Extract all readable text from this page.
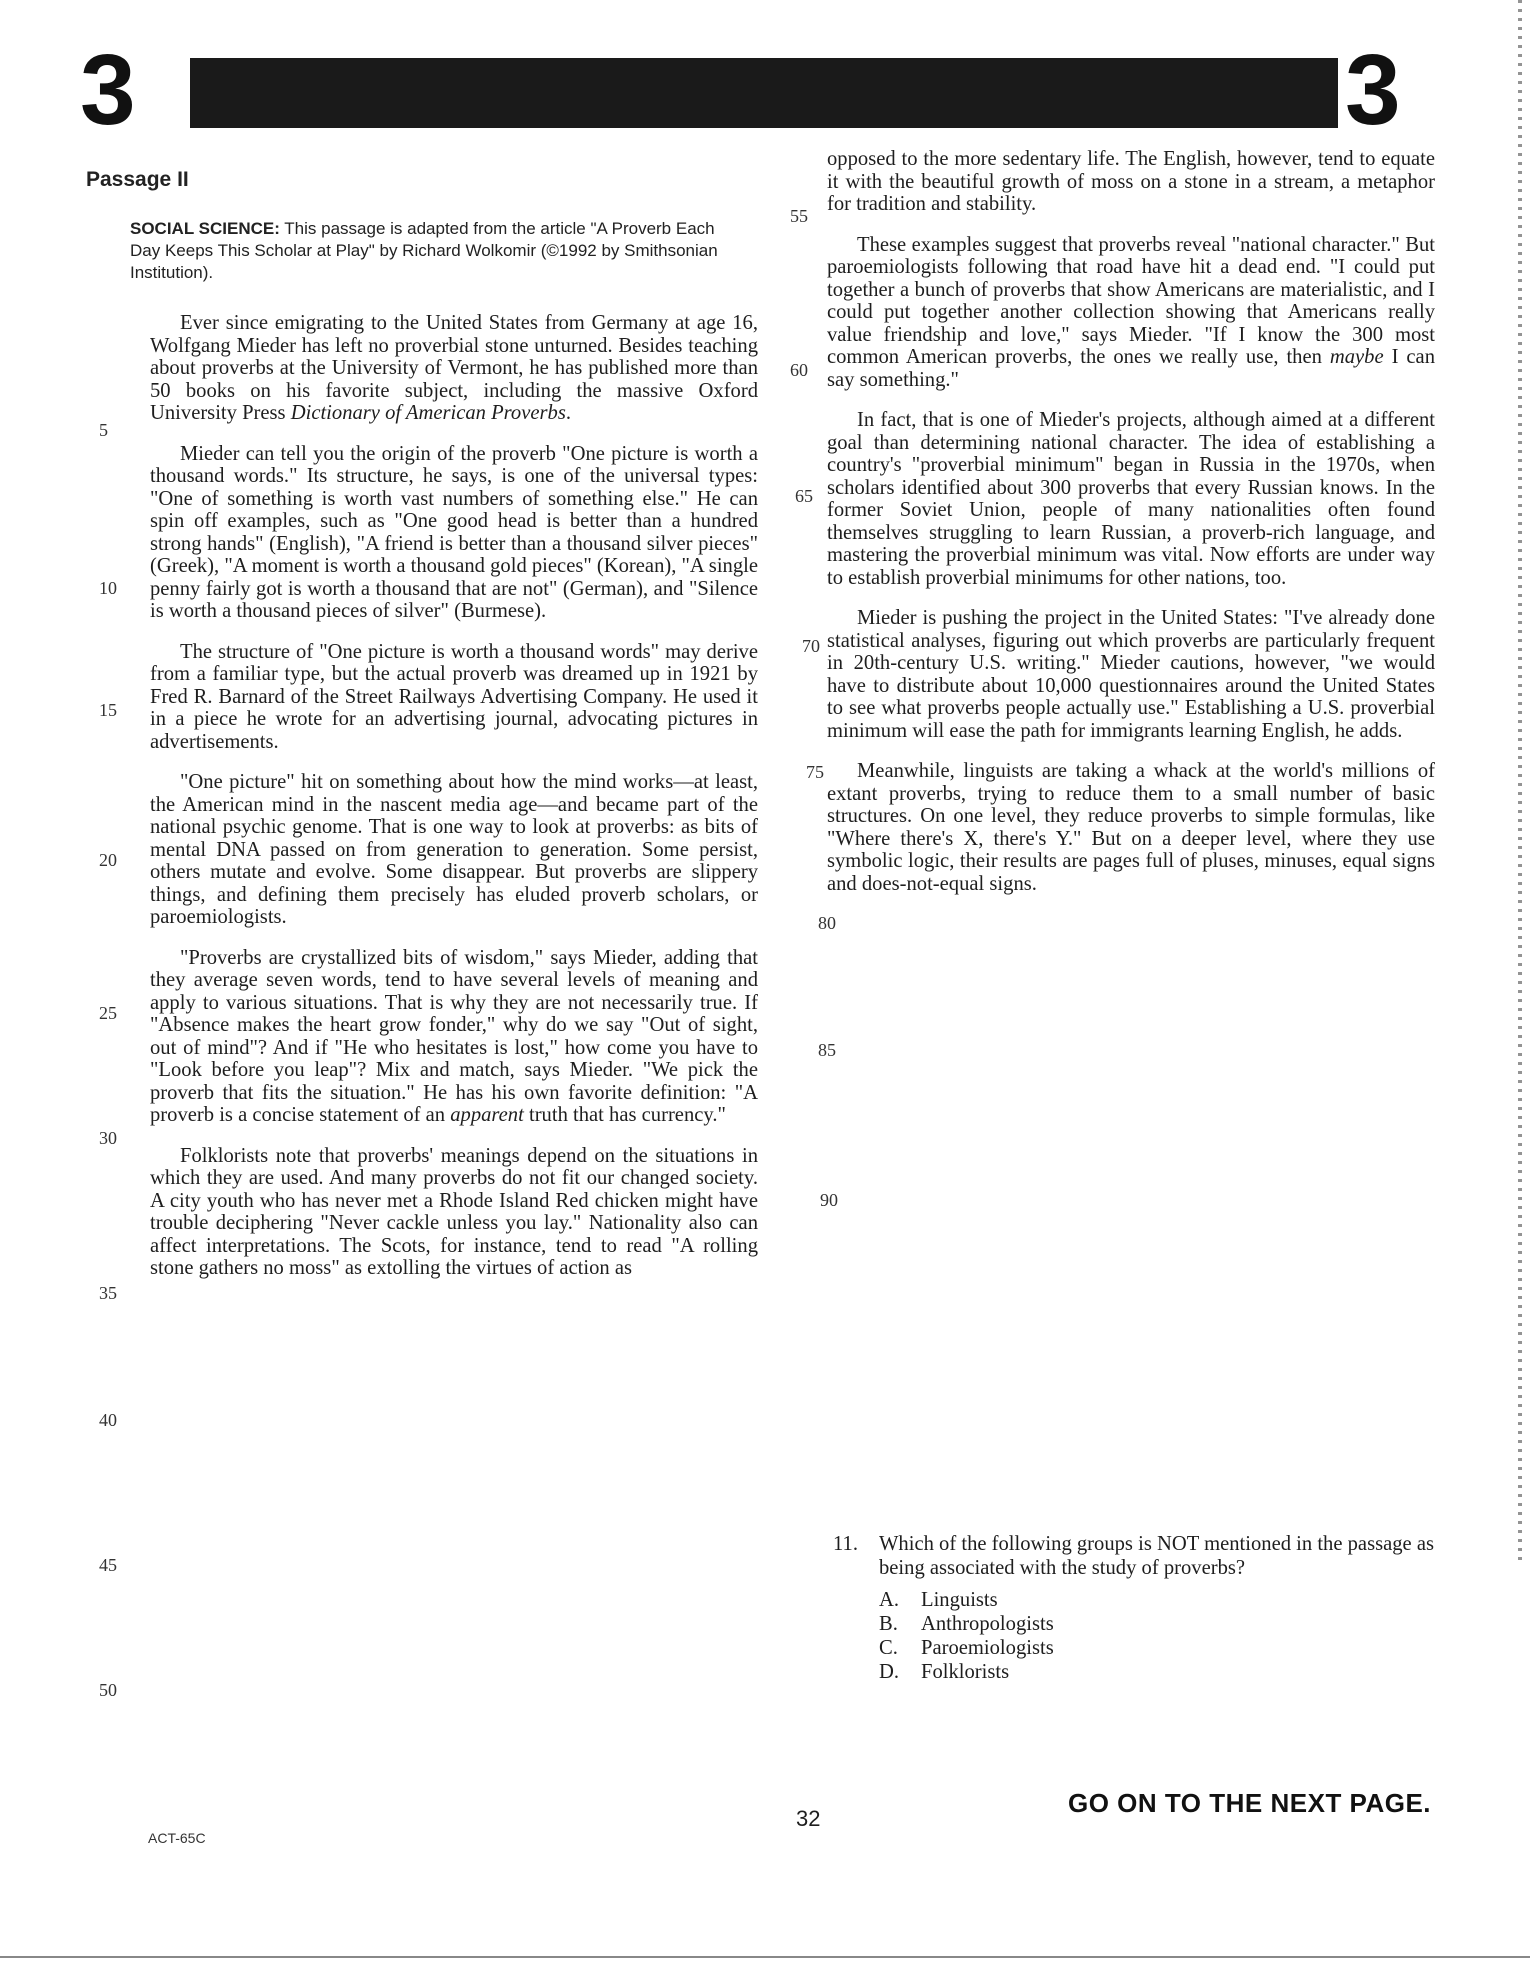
3	3
Passage II
SOCIAL SCIENCE: This passage is adapted from the article "A Proverb Each Day Keeps This Scholar at Play" by Richard Wolkomir (©1992 by Smithsonian Institution).

Ever since emigrating to the United States from Germany at age 16, Wolfgang Mieder has left no proverbial stone unturned. Besides teaching about proverbs at the University of Vermont, he has published more than 50 books on his favorite subject, including the massive Oxford University Press Dictionary of American Proverbs.

Mieder can tell you the origin of the proverb "One picture is worth a thousand words." Its structure, he says, is one of the universal types: "One of something is worth vast numbers of something else." He can spin off examples, such as "One good head is better than a hundred strong hands" (English), "A friend is better than a thousand silver pieces" (Greek), "A moment is worth a thousand gold pieces" (Korean), "A single penny fairly got is worth a thousand that are not" (German), and "Silence is worth a thousand pieces of silver" (Burmese).

The structure of "One picture is worth a thousand words" may derive from a familiar type, but the actual proverb was dreamed up in 1921 by Fred R. Barnard of the Street Railways Advertising Company. He used it in a piece he wrote for an advertising journal, advocating pictures in advertisements.

"One picture" hit on something about how the mind works—at least, the American mind in the nascent media age—and became part of the national psychic genome. That is one way to look at proverbs: as bits of mental DNA passed on from generation to generation. Some persist, others mutate and evolve. Some disappear. But proverbs are slippery things, and defining them precisely has eluded proverb scholars, or paroemiologists.

"Proverbs are crystallized bits of wisdom," says Mieder, adding that they average seven words, tend to have several levels of meaning and apply to various situations. That is why they are not necessarily true. If "Absence makes the heart grow fonder," why do we say "Out of sight, out of mind"? And if "He who hesitates is lost," how come you have to "Look before you leap"? Mix and match, says Mieder. "We pick the proverb that fits the situation." He has his own favorite definition: "A proverb is a concise statement of an apparent truth that has currency."

Folklorists note that proverbs' meanings depend on the situations in which they are used. And many proverbs do not fit our changed society. A city youth who has never met a Rhode Island Red chicken might have trouble deciphering "Never cackle unless you lay." Nationality also can affect interpretations. The Scots, for instance, tend to read "A rolling stone gathers no moss" as extolling the virtues of action as

opposed to the more sedentary life. The English, however, tend to equate it with the beautiful growth of moss on a stone in a stream, a metaphor for tradition and stability.

These examples suggest that proverbs reveal "national character." But paroemiologists following that road have hit a dead end. "I could put together a bunch of proverbs that show Americans are materialistic, and I could put together another collection showing that Americans really value friendship and love," says Mieder. "If I know the 300 most common American proverbs, the ones we really use, then maybe I can say something."

In fact, that is one of Mieder's projects, although aimed at a different goal than determining national character. The idea of establishing a country's "proverbial minimum" began in Russia in the 1970s, when scholars identified about 300 proverbs that every Russian knows. In the former Soviet Union, people of many nationalities often found themselves struggling to learn Russian, a proverb-rich language, and mastering the proverbial minimum was vital. Now efforts are under way to establish proverbial minimums for other nations, too.

Mieder is pushing the project in the United States: "I've already done statistical analyses, figuring out which proverbs are particularly frequent in 20th-century U.S. writing." Mieder cautions, however, "we would have to distribute about 10,000 questionnaires around the United States to see what proverbs people actually use." Establishing a U.S. proverbial minimum will ease the path for immigrants learning English, he adds.

Meanwhile, linguists are taking a whack at the world's millions of extant proverbs, trying to reduce them to a small number of basic structures. On one level, they reduce proverbs to simple formulas, like "Where there's X, there's Y." But on a deeper level, where they use symbolic logic, their results are pages full of pluses, minuses, equal signs and does-not-equal signs.

5
10
15
20
25
30
35
40
45
50
55
60
65
70
75
80
85
90
11. Which of the following groups is NOT mentioned in the passage as being associated with the study of proverbs?
A. Linguists
B. Anthropologists
C. Paroemiologists
D. Folklorists
32
GO ON TO THE NEXT PAGE.
ACT-65C
